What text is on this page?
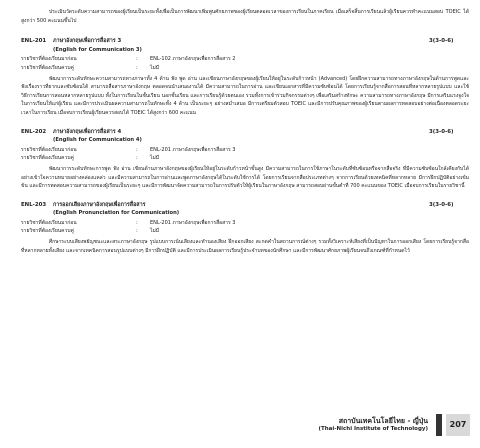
ประเมินวัดระดับความสามารถของผู้เรียนเป็นระยะทั้งเพื่อเป็นการพัฒนาเพิ่มพูนศักยภาพของผู้เรียนตลอดเวลาของการเรียนในภาคเรียน เมื่อเสร็จสิ้นการเรียนแล้วผู้เรียนควรทำคะแนนสอบ TOEIC ได้สูงกว่า 500 คะแนนขึ้นไป

ENL-201	ภาษาอังกฤษเพื่อการสื่อสาร 3	3(3-0-6)
(English for Communication 3)
รายวิชาที่ต้องเรียนมาก่อน	:	ENL-102 ภาษาอังกฤษเพื่อการสื่อสาร 2
รายวิชาที่ต้องเรียนควบคู่	:	ไม่มี

พัฒนาการระดับทักษะความสามารถทางภาษาทั้ง 4 ด้าน ฟัง พูด อ่าน และเขียนภาษาอังกฤษของผู้เรียนให้อยู่ในระดับก้าวหน้า (Advanced) โดยฝึกความสามารถทางภาษาอังกฤษในด้านการพูดและฟังเรื่องราวที่ยากและซับซ้อนได้ สามารถสื่อสารภาษาอังกฤษ ตลอดจนนำเสนองานได้ มีความสามารถในการอ่าน และเขียนเอกสารที่มีความซับซ้อนได้ โดยการเรียนรู้จากสื่อการสอนที่หลากหลายรูปแบบ และใช้วิธีการเรียนการสอนหลากหลายรูปแบบ ทั้งในการเรียนในชั้นเรียน นอกชั้นเรียน และการเรียนรู้ด้วยตนเอง รวมทั้งการเข้าร่วมกิจกรรมต่างๆ เพื่อเสริมสร้างทักษะ ความสามารถทางภาษาอังกฤษ มีการเสริมแรงจูงใจในการเรียนให้แก่ผู้เรียน และมีการประเมินผลความสามารถในทักษะทั้ง 4 ด้าน เป็นระยะๆ อย่างสม่ำเสมอ มีการเตรียมตัวสอบ TOEIC และมีการปรับคุณภาพของผู้เรียนตามผลการทดสอบอย่างต่อเนื่องตลอดระยะเวลาในการเรียน เมื่อจบการเรียนผู้เรียนควรสอบได้ TOEIC ได้สูงกว่า 600 คะแนน

ENL-202	ภาษาอังกฤษเพื่อการสื่อสาร 4	3(3-0-6)
(English for Communication 4)
รายวิชาที่ต้องเรียนมาก่อน	:	ENL-201 ภาษาอังกฤษเพื่อการสื่อสาร 3
รายวิชาที่ต้องเรียนควบคู่	:	ไม่มี

พัฒนาการระดับทักษะการพูด ฟัง อ่าน เขียนด้านภาษาอังกฤษของผู้เรียนให้อยู่ในระดับก้าวหน้าขั้นสูง มีความสามารถในการใช้ภาษาในระดับที่ซับซ้อนหรือจากสื่อจริง ที่มีความซับซ้อนใกล้เคียงกับได้อย่างเข้าใจความหมายอย่างคล่องแคล่ว และมีความสามารถในการอ่านและพูดภาษาอังกฤษได้ในระดับใช้การได้ โดยการเรียนจากสื่อประเภทต่างๆ จากการเรียนด้วยเทคนิคที่หลากหลาย มีการฝึกปฏิบัติอย่างเข้มข้น และมีการทดสอบความสามารถของผู้เรียนเป็นระยะๆ และมีการพัฒนาจัดความสามารถในการปรับตัวให้ผู้เรียนในภาษาอังกฤษ สามารถสอบผ่านขั้นต่ำที่ 700 คะแนนของ TOEIC เมื่อจบการเรียนในรายวิชานี้

ENL-203	การออกเสียงภาษาอังกฤษเพื่อการสื่อสาร	3(3-0-6)
(English Pronunciation for Communication)
รายวิชาที่ต้องเรียนมาก่อน	:	ENL-201 ภาษาอังกฤษเพื่อการสื่อสาร 3
รายวิชาที่ต้องเรียนควบคู่	:	ไม่มี

ศึกษาระบบเสียงพยัญชนะและสระภาษาอังกฤษ รูปแบบการเน้นเสียงและทำนองเสียง ฝึกออกเสียง สะกดคำในสถานการณ์ต่างๆ รวมทั้งวิเคราะห์เสียงที่เป็นปัญหาในการออกเสียง โดยการเรียนรู้จากสื่อที่หลากหลายทั้งเสียง และจากเทคนิคการสอนรูปแบบต่างๆ มีการฝึกปฏิบัติ และมีการประเมินผลการเรียนรู้ประจำบทของนักศึกษา และมีการพัฒนาศักยภาพผู้เรียนจนถึงเกณฑ์ที่กำหนดไว้

สถาบันเทคโนโลยีไทย - ญี่ปุ่น
(Thai-Nichi Institute of Technology)	207
